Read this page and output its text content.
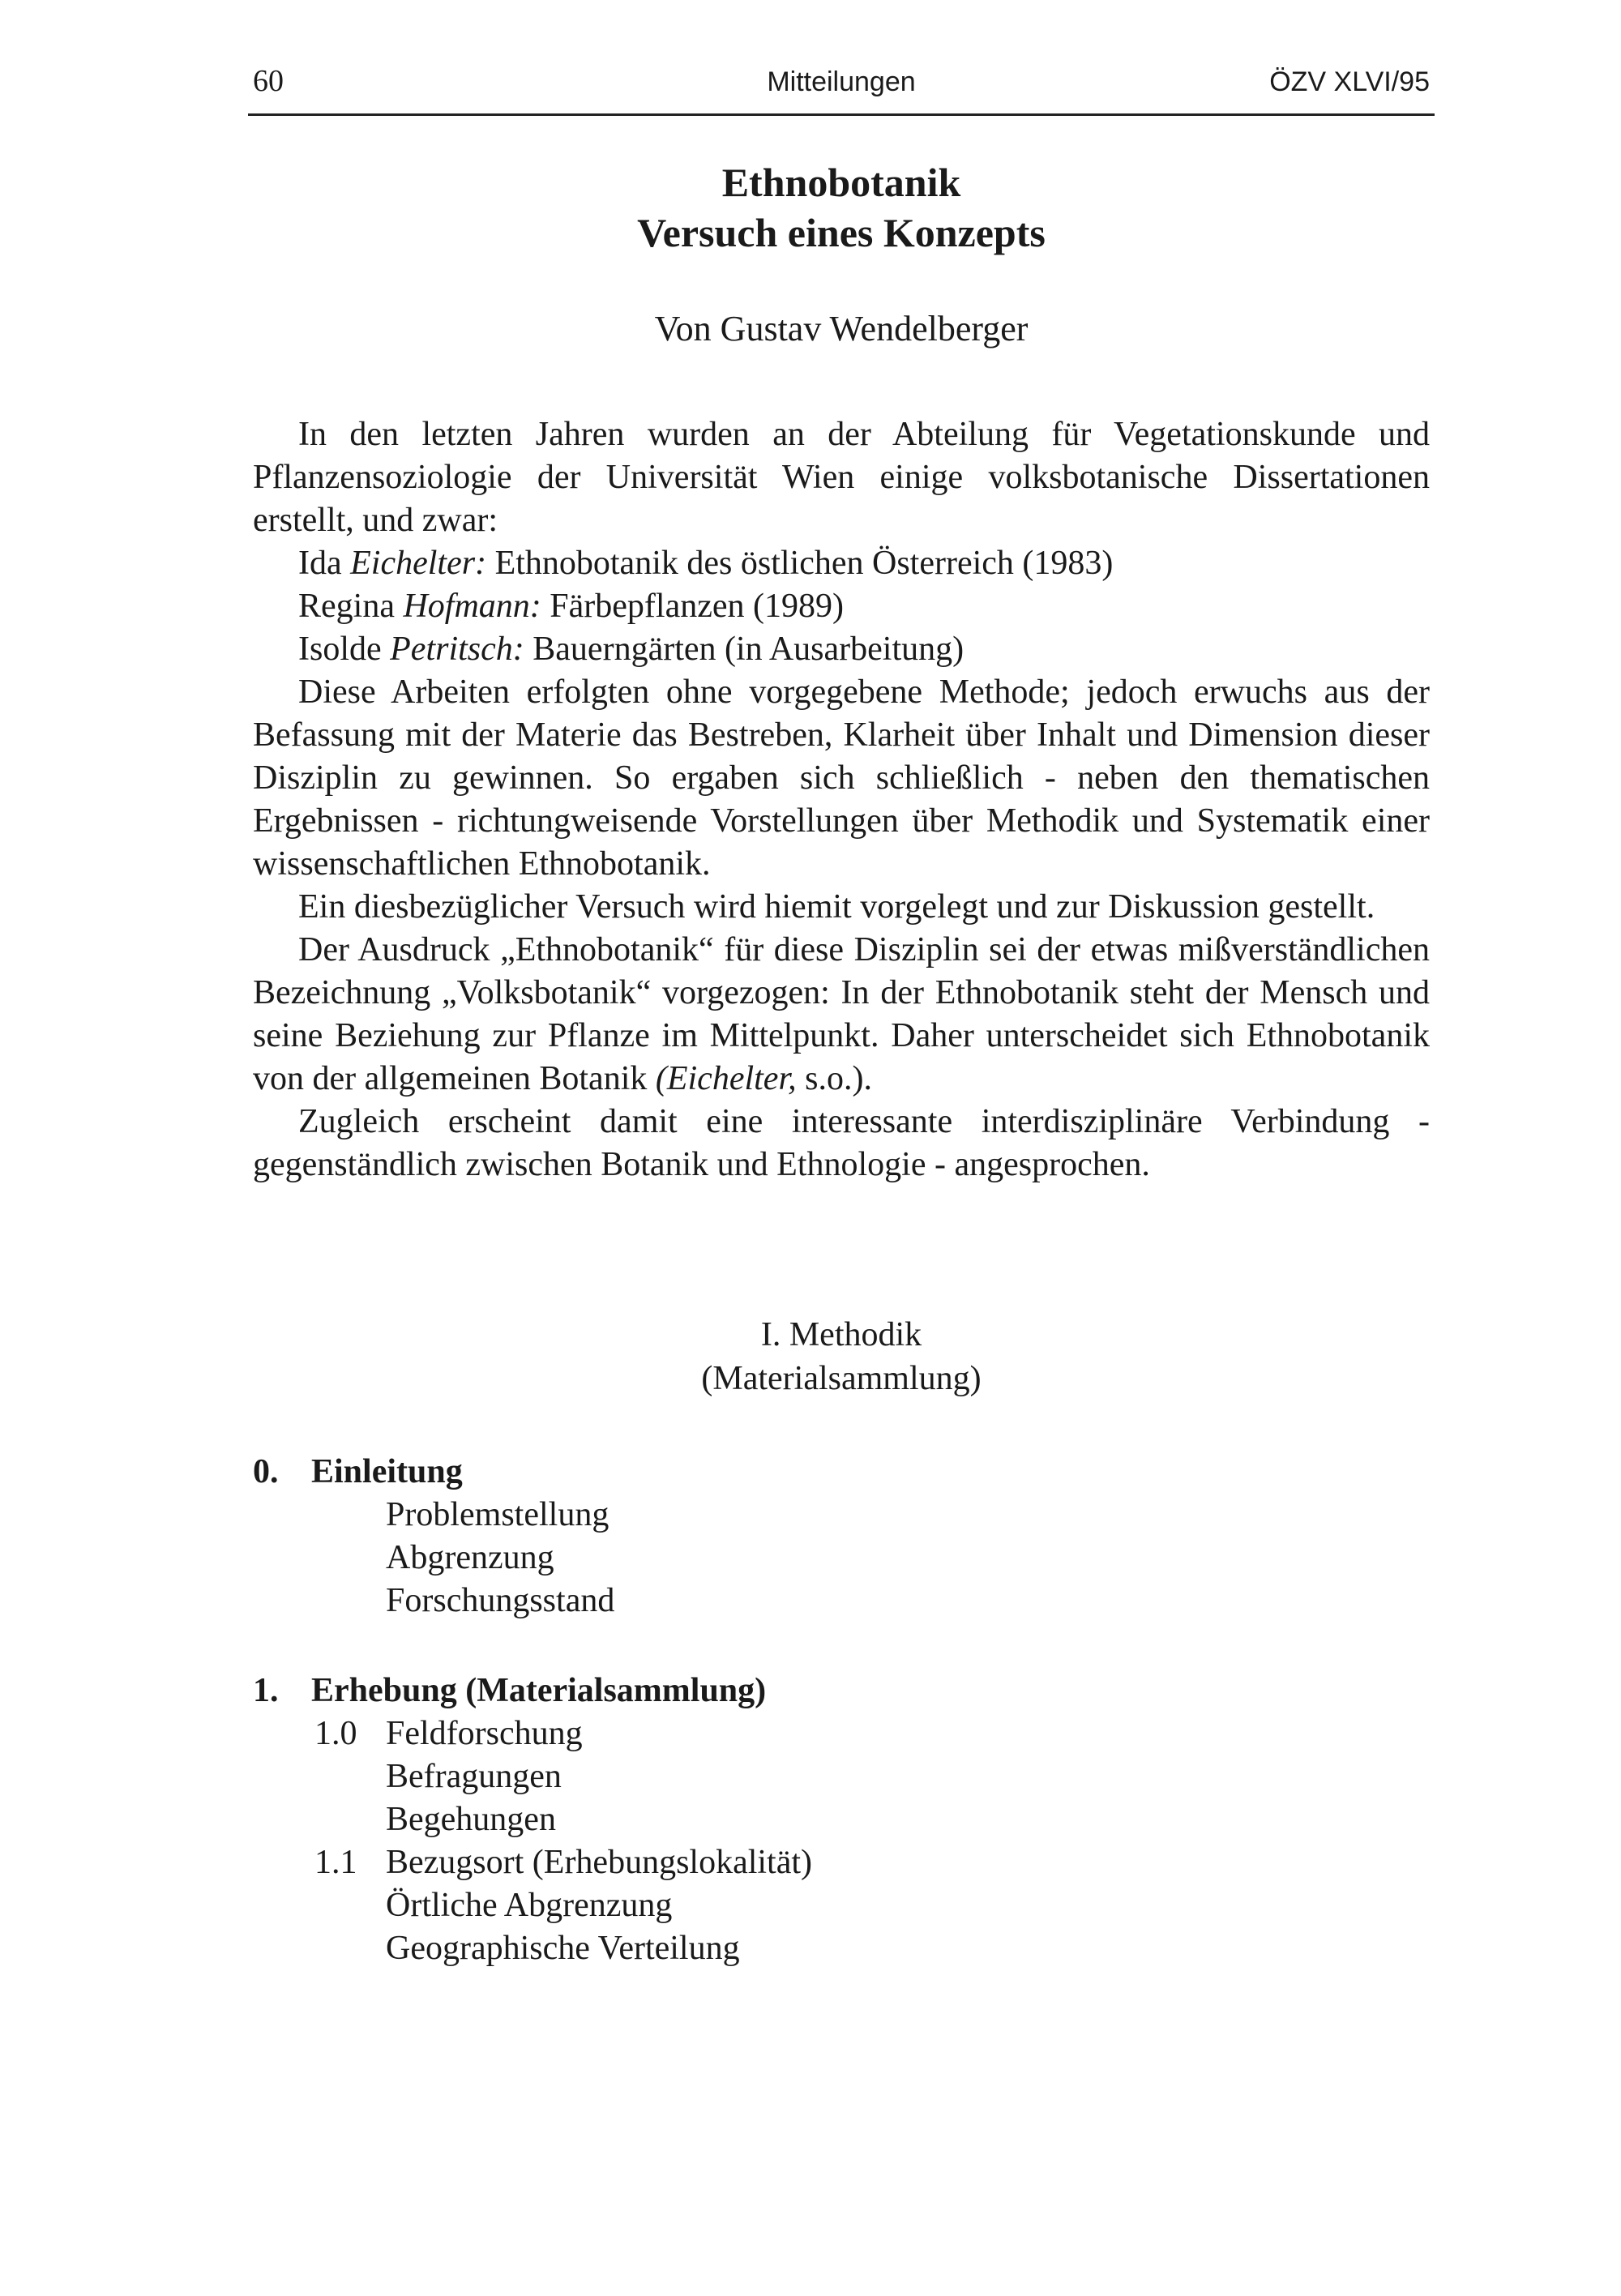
60	Mitteilungen	ÖZV XLVI/95
Ethnobotanik
Versuch eines Konzepts
Von Gustav Wendelberger

In den letzten Jahren wurden an der Abteilung für Vegetationskunde und Pflanzensoziologie der Universität Wien einige volksbotanische Dissertationen erstellt, und zwar:

Ida Eichelter: Ethnobotanik des östlichen Österreich (1983)
Regina Hofmann: Färbepflanzen (1989)
Isolde Petritsch: Bauerngärten (in Ausarbeitung)

Diese Arbeiten erfolgten ohne vorgegebene Methode; jedoch erwuchs aus der Befassung mit der Materie das Bestreben, Klarheit über Inhalt und Dimension dieser Disziplin zu gewinnen. So ergaben sich schließlich - neben den thematischen Ergebnissen - richtungweisende Vorstellungen über Methodik und Systematik einer wissenschaftlichen Ethnobotanik.

Ein diesbezüglicher Versuch wird hiemit vorgelegt und zur Diskussion gestellt.

Der Ausdruck „Ethnobotanik“ für diese Disziplin sei der etwas mißverständlichen Bezeichnung „Volksbotanik“ vorgezogen: In der Ethnobotanik steht der Mensch und seine Beziehung zur Pflanze im Mittelpunkt. Daher unterscheidet sich Ethnobotanik von der allgemeinen Botanik (Eichelter, s.o.).

Zugleich erscheint damit eine interessante interdisziplinäre Verbindung - gegenständlich zwischen Botanik und Ethnologie - angesprochen.

I. Methodik
(Materialsammlung)
0. Einleitung
Problemstellung
Abgrenzung
Forschungsstand
1. Erhebung (Materialsammlung)
1.0 Feldforschung
Befragungen
Begehungen
1.1 Bezugsort (Erhebungslokalität)
Örtliche Abgrenzung
Geographische Verteilung
